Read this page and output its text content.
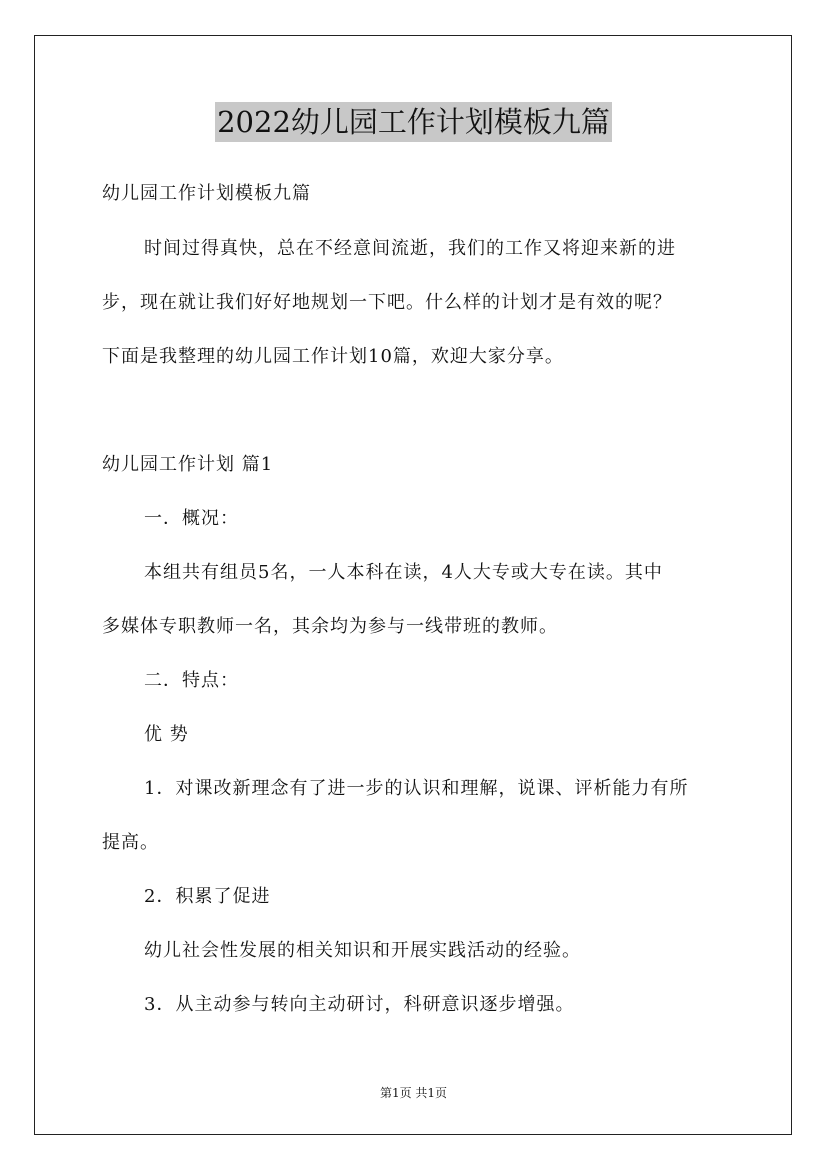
2022幼儿园工作计划模板九篇
幼儿园工作计划模板九篇
时间过得真快，总在不经意间流逝，我们的工作又将迎来新的进
步，现在就让我们好好地规划一下吧。什么样的计划才是有效的呢？
下面是我整理的幼儿园工作计划10篇，欢迎大家分享。
幼儿园工作计划 篇1
一．概况：
本组共有组员5名，一人本科在读，4人大专或大专在读。其中
多媒体专职教师一名，其余均为参与一线带班的教师。
二．特点：
优 势
1．对课改新理念有了进一步的认识和理解，说课、评析能力有所
提高。
2．积累了促进
幼儿社会性发展的相关知识和开展实践活动的经验。
3．从主动参与转向主动研讨，科研意识逐步增强。
第1页 共1页
